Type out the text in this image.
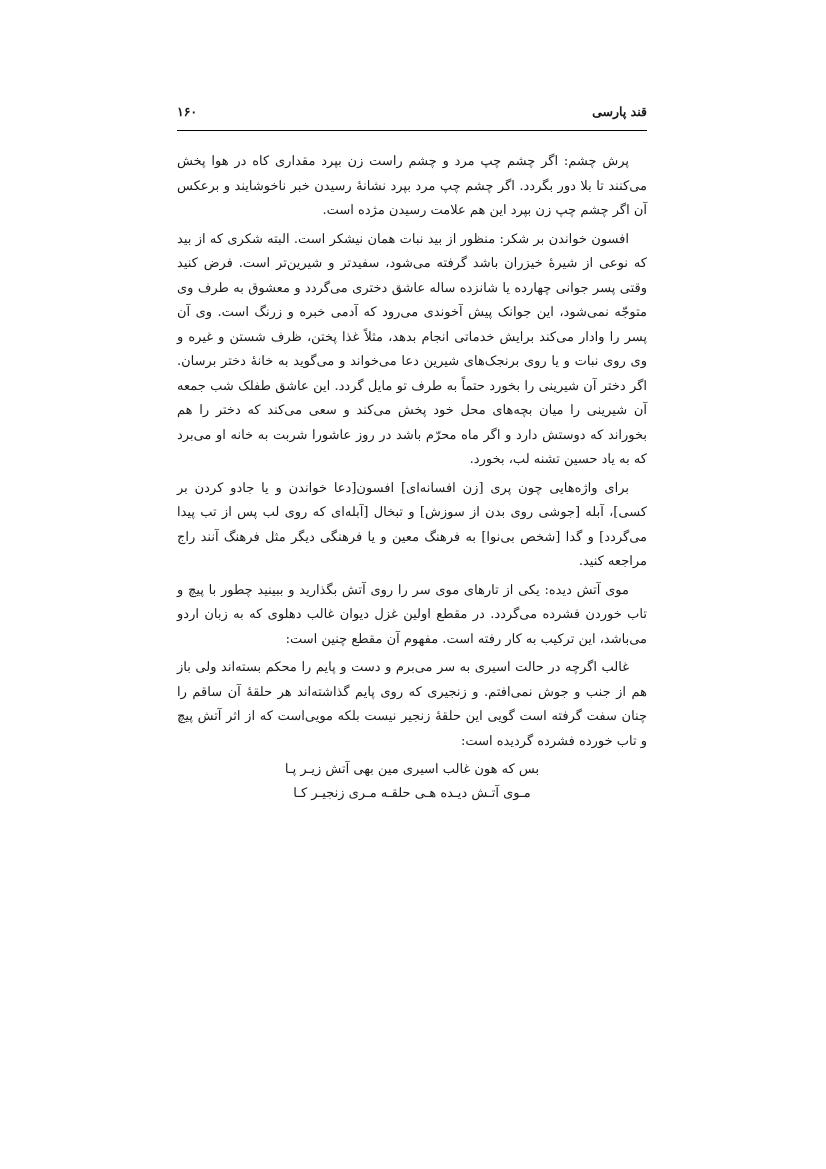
قند پارسی
۱۶۰

پرش چشم: اگر چشم چپ مرد و چشم راست زن بپرد مقداری کاه در هوا پخش می‌کنند تا بلا دور بگردد. اگر چشم چپ مرد بپرد نشانهٔ رسیدن خبر ناخوشایند و برعکس آن اگر چشم چپ زن بپرد این هم علامت رسیدن مژده است.

افسون خواندن بر شکر: منظور از بید نبات همان نیشکر است. البته شکری که از بید که نوعی از شیرهٔ خیزران باشد گرفته می‌شود، سفیدتر و شیرین‌تر است. فرض کنید وقتی پسر جوانی چهارده یا شانزده ساله عاشق دختری می‌گردد و معشوق به طرف وی متوجّه نمی‌شود، این جوانک پیش آخوندی می‌رود که آدمی خبره و زرنگ است. وی آن پسر را وادار می‌کند برایش خدماتی انجام بدهد، مثلاً غذا پختن، ظرف شستن و غیره و وی روی نبات و یا روی برنجک‌های شیرین دعا می‌خواند و می‌گوید به خانهٔ دختر برسان. اگر دختر آن شیرینی را بخورد حتماً به طرف تو مایل گردد. این عاشق طفلک شب جمعه آن شیرینی را میان بچه‌های محل خود پخش می‌کند و سعی می‌کند که دختر را هم بخوراند که دوستش دارد و اگر ماه محرّم باشد در روز عاشورا شربت به خانه او می‌برد که به یاد حسین تشنه لب، بخورد.

برای واژه‌هایی چون پری [زن افسانه‌ای] افسون[دعا خواندن و یا جادو کردن بر کسی]، آبله [جوشی روی بدن از سوزش] و تبخال [آبله‌ای که روی لب پس از تب پیدا می‌گردد] و گدا [شخص بی‌نوا] به فرهنگ معین و یا فرهنگی دیگر مثل فرهنگ آنند راج مراجعه کنید.

موی آتش دیده: یکی از تارهای موی سر را روی آتش بگذارید و ببینید چطور با پیچ و تاب خوردن فشرده می‌گردد. در مقطع اولین غزل دیوان غالب دهلوی که به زبان اردو می‌باشد، این ترکیب به کار رفته است. مفهوم آن مقطع چنین است:

غالب اگرچه در حالت اسیری به سر می‌برم و دست و پایم را محکم بسته‌اند ولی باز هم از جنب و جوش نمی‌افتم. و زنجیری که روی پایم گذاشته‌اند هر حلقهٔ آن ساقم را چنان سفت گرفته است گویی این حلقهٔ زنجیر نیست بلکه مویی‌است که از اثر آتش پیچ و تاب خورده فشرده گردیده است:

بس که هون غالب اسیری مین بهی آتش زیـر پـا
مـوی آتـش دیـده هـی حلقـه مـری زنجیـر کـا
